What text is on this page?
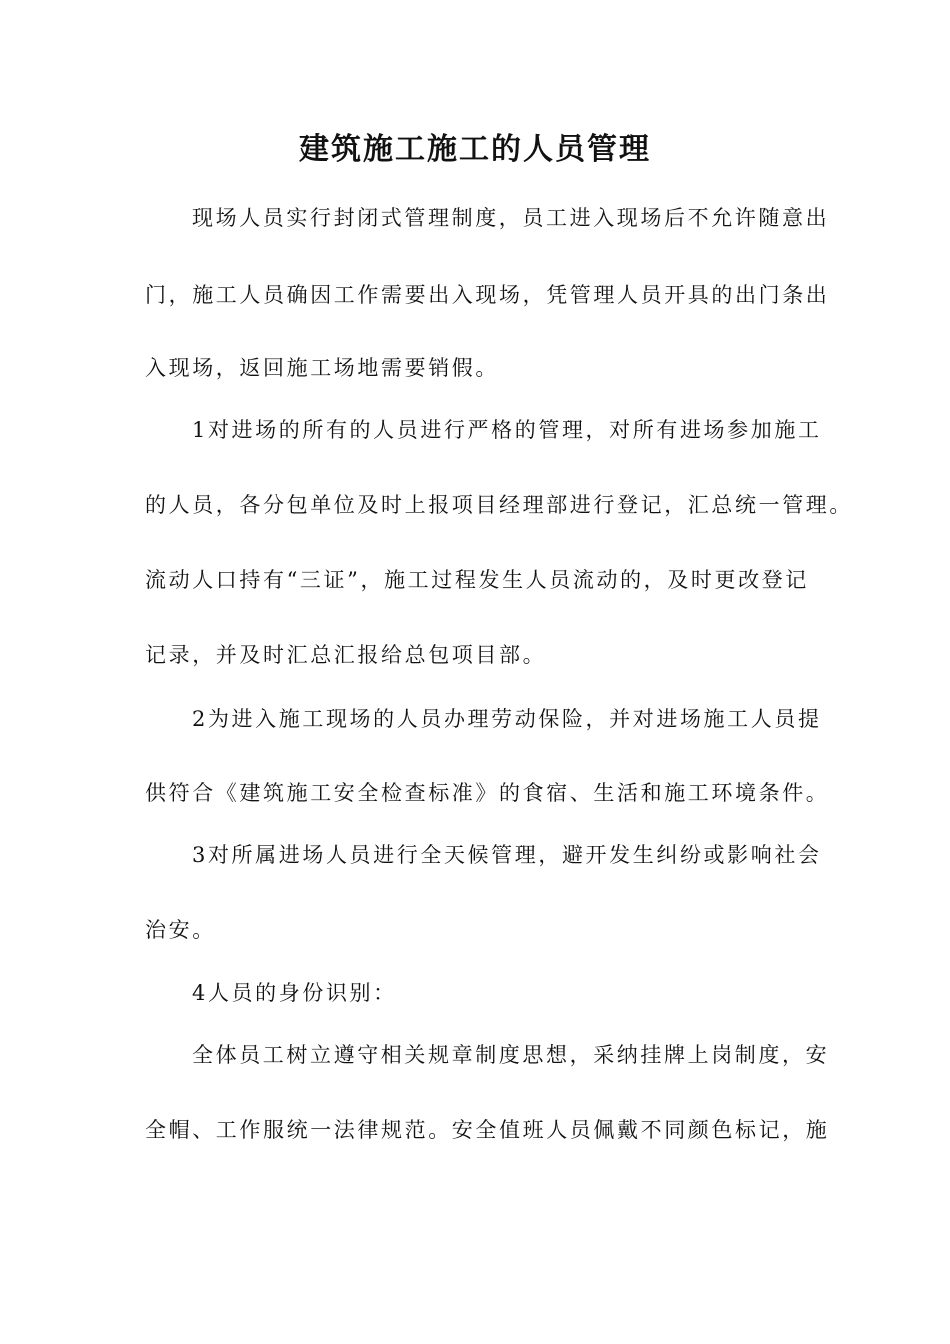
建筑施工施工的人员管理

现场人员实行封闭式管理制度，员工进入现场后不允许随意出

门，施工人员确因工作需要出入现场，凭管理人员开具的出门条出

入现场，返回施工场地需要销假。

1对进场的所有的人员进行严格的管理，对所有进场参加施工

的人员，各分包单位及时上报项目经理部进行登记，汇总统一管理。

流动人口持有“三证”，施工过程发生人员流动的，及时更改登记

记录，并及时汇总汇报给总包项目部。

2为进入施工现场的人员办理劳动保险，并对进场施工人员提

供符合《建筑施工安全检查标准》的食宿、生活和施工环境条件。

3对所属进场人员进行全天候管理，避开发生纠纷或影响社会

治安。

4人员的身份识别：

全体员工树立遵守相关规章制度思想，采纳挂牌上岗制度，安

全帽、工作服统一法律规范。安全值班人员佩戴不同颜色标记，施
